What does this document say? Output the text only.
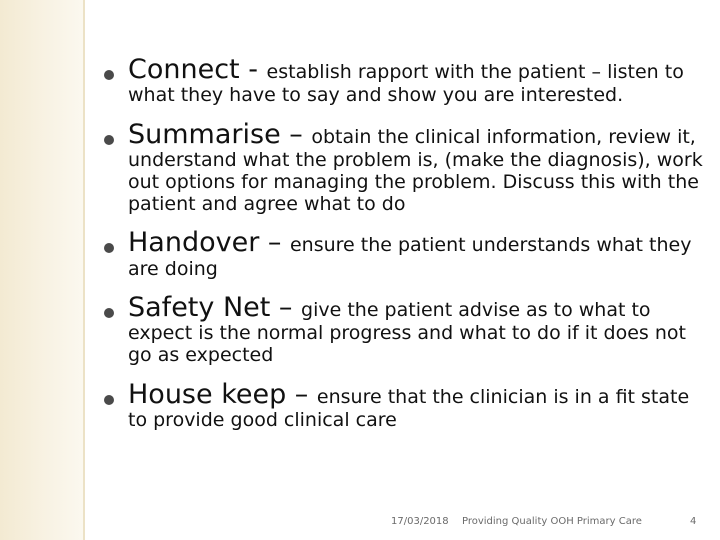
Connect - establish rapport with the patient – listen to what they have to say and show you are interested.
Summarise – obtain the clinical information, review it, understand what the problem is, (make the diagnosis), work out options for managing the problem. Discuss this with the patient and agree what to do
Handover – ensure the patient understands what they are doing
Safety Net – give the patient advise as to what to expect is the normal progress and what to do if it does not go as expected
House keep – ensure that the clinician is in a fit state to provide good clinical care
17/03/2018 Providing Quality OOH Primary Care	4
